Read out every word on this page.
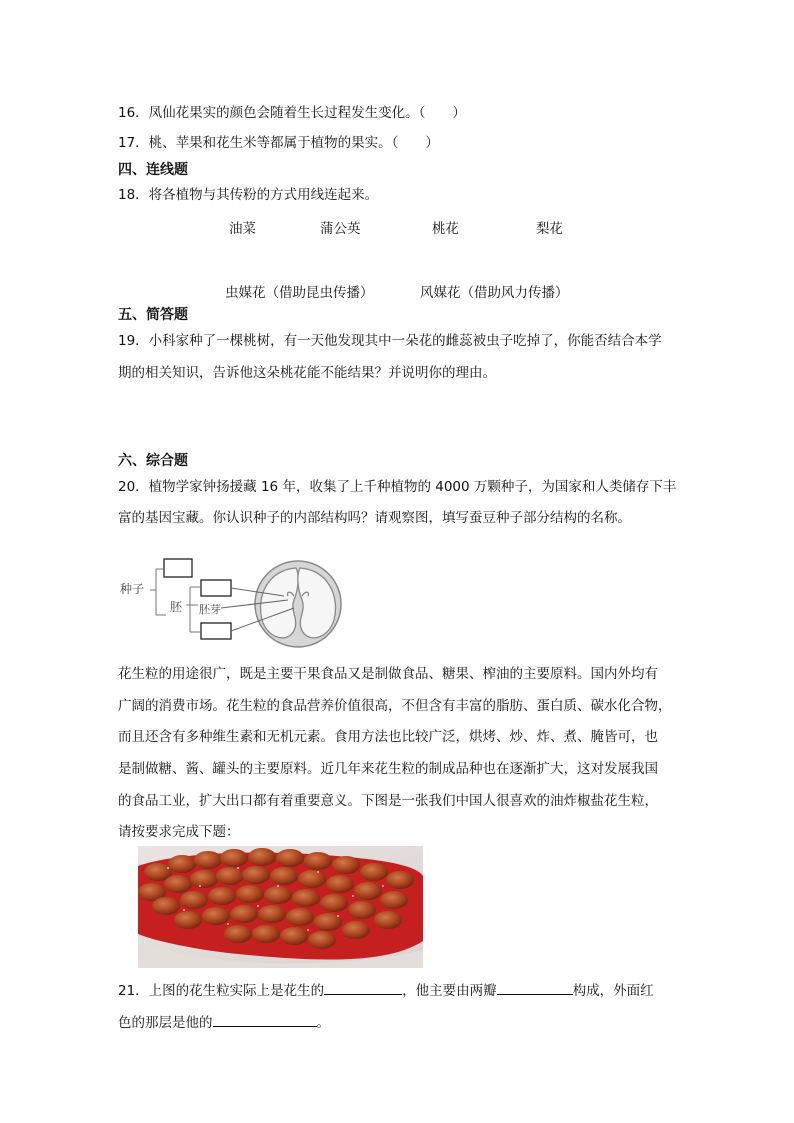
16．凤仙花果实的颜色会随着生长过程发生变化。（　　）
17．桃、苹果和花生米等都属于植物的果实。（　　）
四、连线题
18．将各植物与其传粉的方式用线连起来。
油菜	蒲公英	桃花	梨花
虫媒花（借助昆虫传播）	风媒花（借助风力传播）
五、简答题
19．小科家种了一棵桃树，有一天他发现其中一朵花的雌蕊被虫子吃掉了，你能否结合本学
期的相关知识，告诉他这朵桃花能不能结果？并说明你的理由。
六、综合题
20．植物学家钟扬援藏 16 年，收集了上千种植物的 4000 万颗种子，为国家和人类储存下丰
富的基因宝藏。你认识种子的内部结构吗？请观察图，填写蚕豆种子部分结构的名称。
种子
胚 胚芽
花生粒的用途很广，既是主要干果食品又是制做食品、糖果、榨油的主要原料。国内外均有
广阔的消费市场。花生粒的食品营养价值很高，不但含有丰富的脂肪、蛋白质、碳水化合物，
而且还含有多种维生素和无机元素。食用方法也比较广泛，烘烤、炒、炸、煮、腌皆可，也
是制做糖、酱、罐头的主要原料。近几年来花生粒的制成品种也在逐渐扩大，这对发展我国
的食品工业，扩大出口都有着重要意义。下图是一张我们中国人很喜欢的油炸椒盐花生粒，
请按要求完成下题：
21．上图的花生粒实际上是花生的	，他主要由两瓣	构成，外面红
色的那层是他的	。
